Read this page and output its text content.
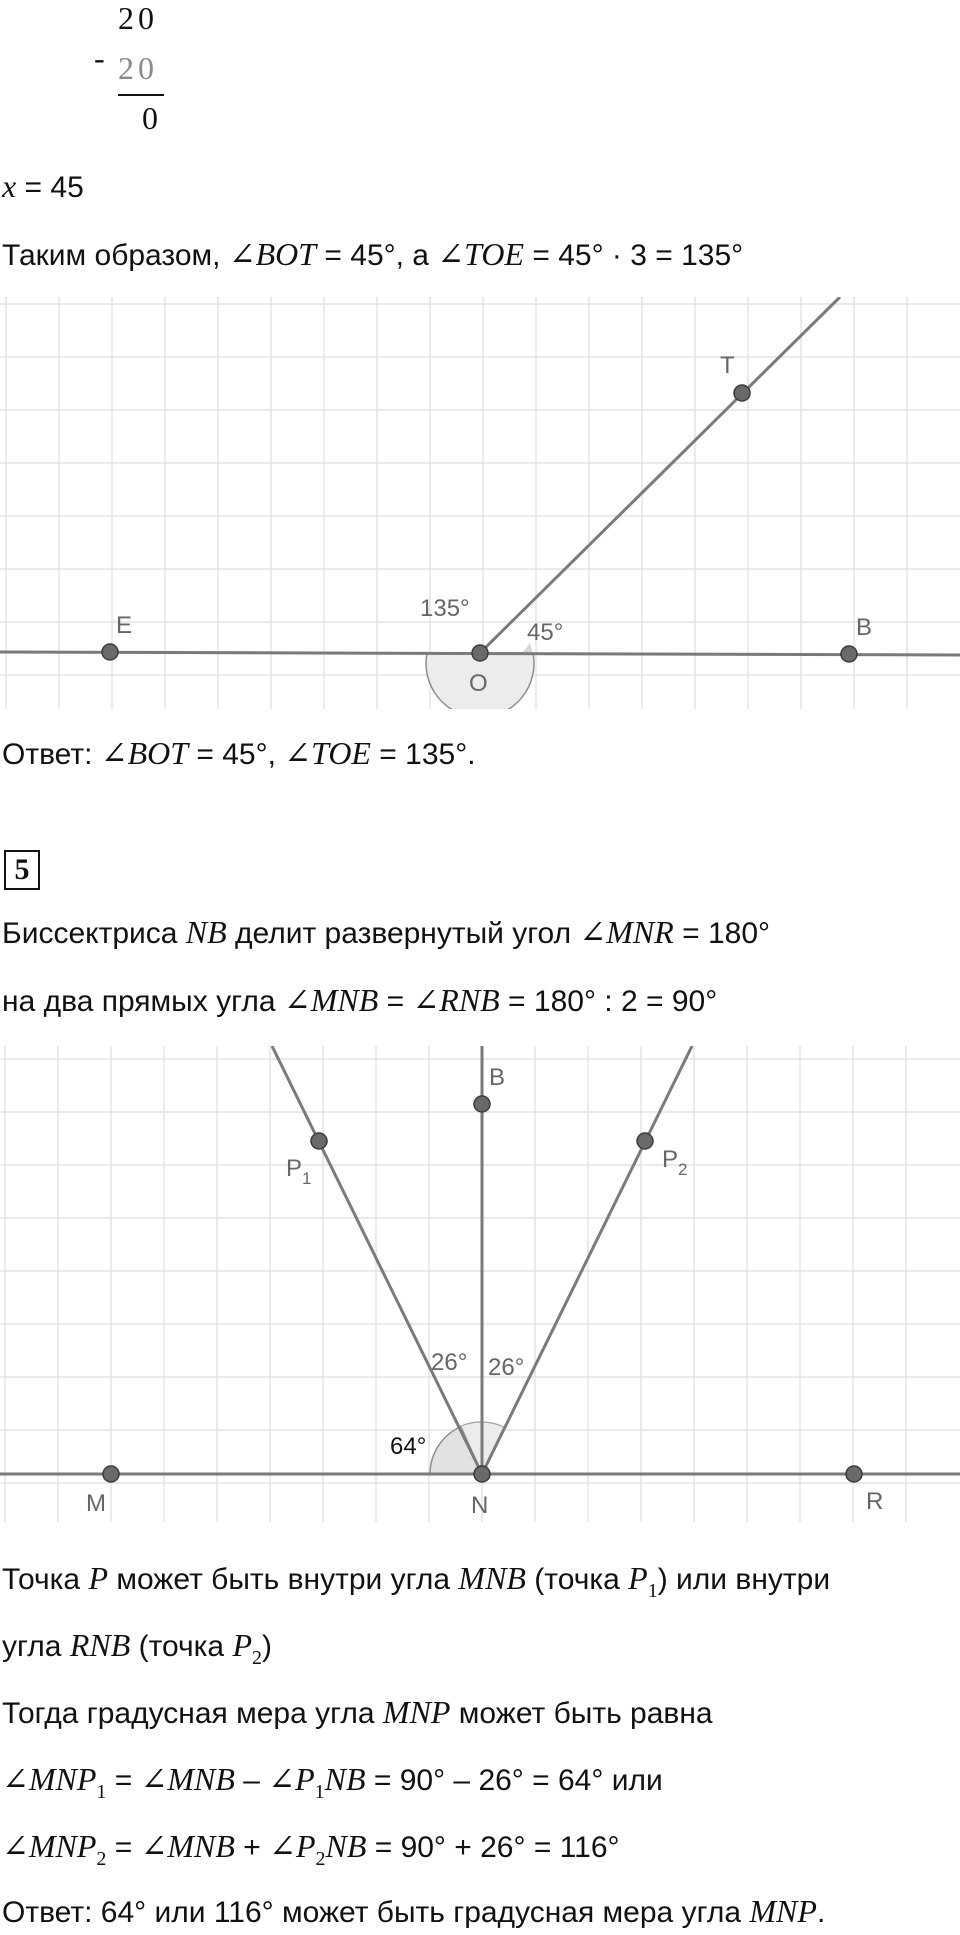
-
20
20
0
x = 45
Таким образом, ∠BOT = 45°, а ∠TOE = 45° · 3 = 135°
T
E
O
B
135°
45°
Ответ: ∠BOT = 45°, ∠TOE = 135°.
5
Биссектриса NB делит развернутый угол ∠MNR = 180°
на два прямых угла ∠MNB = ∠RNB = 180° : 2 = 90°
B
$P_1$
$P_2$
M	N	R
26° 26°
64°
Точка P может быть внутри угла MNB (точка $P_1$) или внутри
угла RNB (точка $P_2$)
Тогда градусная мера угла MNP может быть равна
$\angle MNP_1$ = ∠MNB – $\angle P_1NB = 90^\circ - 26^\circ = 64^\circ$ или
$\angle MNP_2$ = ∠MNB + $\angle P_2NB = 90^\circ + 26^\circ = 116^\circ$
Ответ: 64° или 116° может быть градусная мера угла MNP.
